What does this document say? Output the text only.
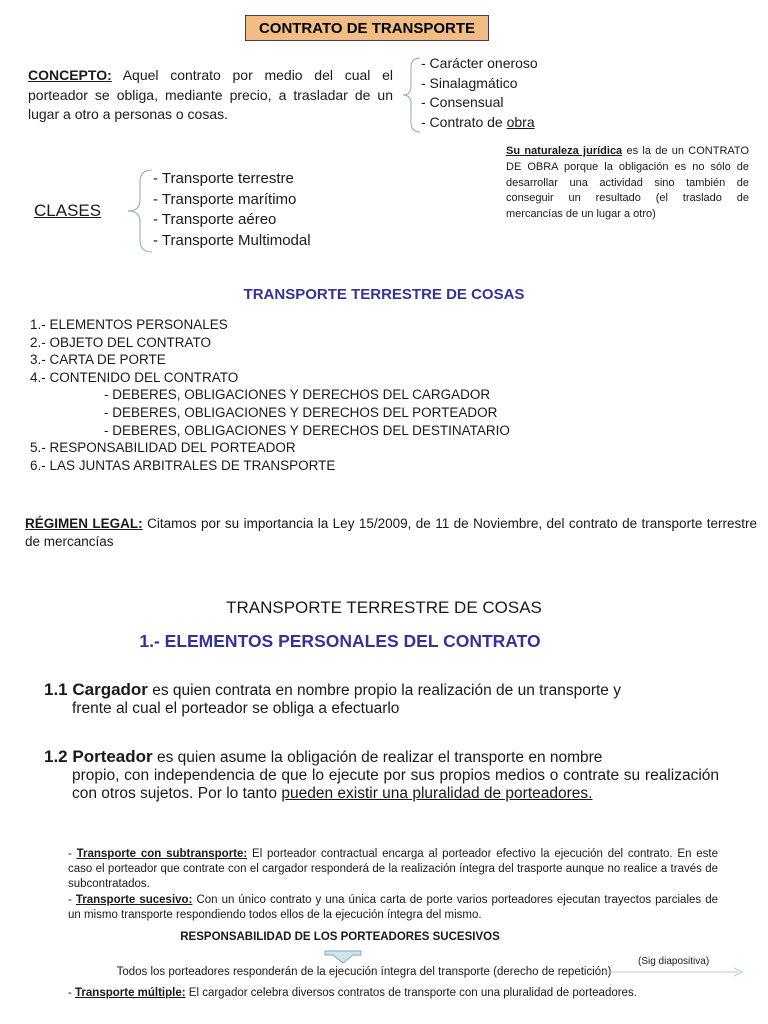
CONTRATO DE TRANSPORTE
CONCEPTO: Aquel contrato por medio del cual el porteador se obliga, mediante precio, a trasladar de un lugar a otro a personas o cosas.
- Carácter oneroso
- Sinalagmático
- Consensual
- Contrato de obra
Su naturaleza jurídica es la de un CONTRATO DE OBRA porque la obligación es no sólo de desarrollar una actividad sino también de conseguir un resultado (el traslado de mercancías de un lugar a otro)
CLASES
- Transporte terrestre
- Transporte marítimo
- Transporte aéreo
- Transporte Multimodal
TRANSPORTE TERRESTRE DE COSAS
1.- ELEMENTOS PERSONALES
2.- OBJETO DEL CONTRATO
3.- CARTA DE PORTE
4.- CONTENIDO DEL CONTRATO
- DEBERES, OBLIGACIONES Y DERECHOS DEL CARGADOR
- DEBERES, OBLIGACIONES Y DERECHOS DEL PORTEADOR
- DEBERES, OBLIGACIONES Y DERECHOS DEL DESTINATARIO
5.- RESPONSABILIDAD DEL PORTEADOR
6.- LAS JUNTAS ARBITRALES DE TRANSPORTE
RÉGIMEN LEGAL: Citamos por su importancia la Ley 15/2009, de 11 de Noviembre, del contrato de transporte terrestre de mercancías
TRANSPORTE TERRESTRE DE COSAS
1.- ELEMENTOS PERSONALES DEL CONTRATO
1.1 Cargador es quien contrata en nombre propio la realización de un transporte y
frente al cual el porteador se obliga a efectuarlo
1.2 Porteador es quien asume la obligación de realizar el transporte en nombre
propio, con independencia de que lo ejecute por sus propios medios o contrate su realización con otros sujetos. Por lo tanto pueden existir una pluralidad de porteadores.
- Transporte con subtransporte: El porteador contractual encarga al porteador efectivo la ejecución del contrato. En este caso el porteador que contrate con el cargador responderá de la realización íntegra del trasporte aunque no realice a través de subcontratados.
- Transporte sucesivo: Con un único contrato y una única carta de porte varios porteadores ejecutan trayectos parciales de un mismo transporte respondiendo todos ellos de la ejecución íntegra del mismo.
RESPONSABILIDAD DE LOS PORTEADORES SUCESIVOS
Todos los porteadores responderán de la ejecución íntegra del transporte (derecho de repetición)
(Sig diapositiva)
- Transporte múltiple: El cargador celebra diversos contratos de transporte con una pluralidad de porteadores.
